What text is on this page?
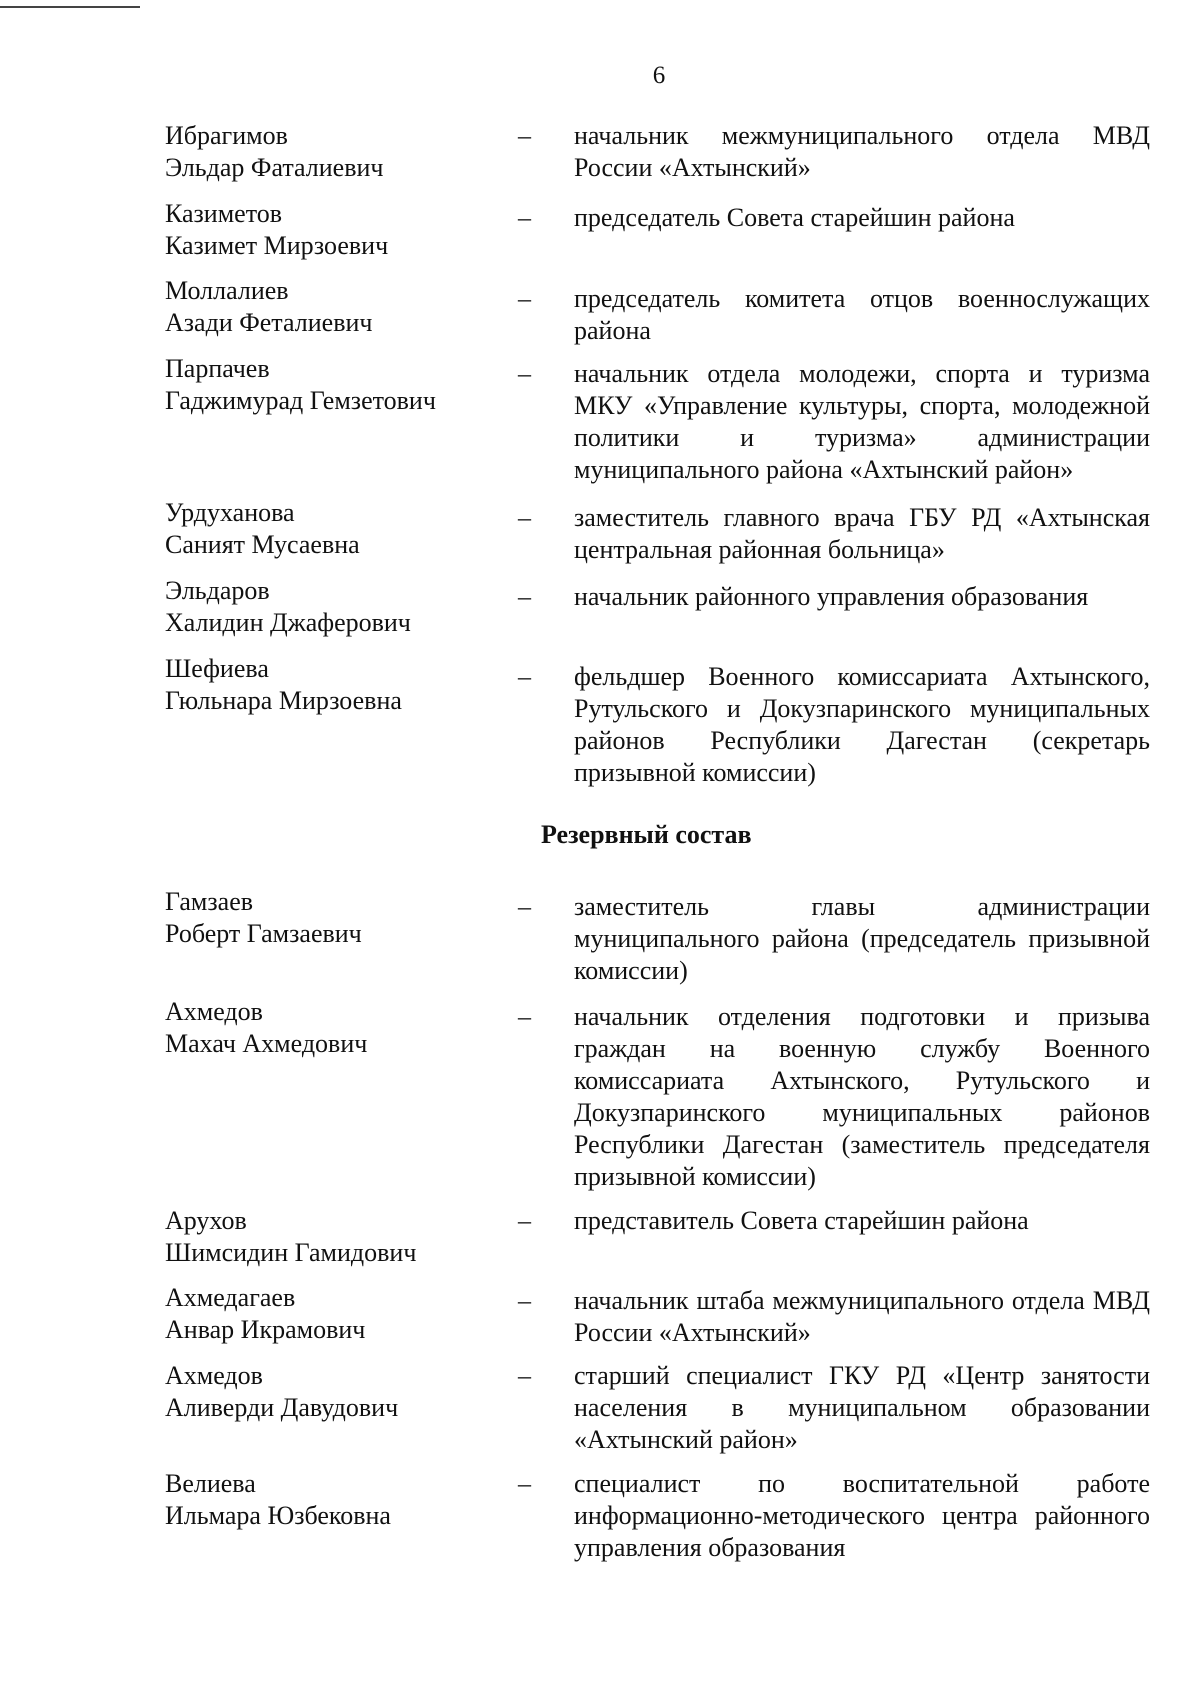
6
Ибрагимов
Эльдар Фаталиевич
– начальник межмуниципального отдела МВД России «Ахтынский»
Казиметов
Казимет Мирзоевич
– председатель Совета старейшин района
Моллалиев
Азади Феталиевич
– председатель комитета отцов военнослужащих района
Парпачев
Гаджимурад Гемзетович
– начальник отдела молодежи, спорта и туризма МКУ «Управление культуры, спорта, молодежной политики и туризма» администрации муниципального района «Ахтынский район»
Урдуханова
Саният Мусаевна
– заместитель главного врача ГБУ РД «Ахтынская центральная районная больница»
Эльдаров
Халидин Джаферович
– начальник районного управления образования
Шефиева
Гюльнара Мирзоевна
– фельдшер Военного комиссариата Ахтынского, Рутульского и Докузпаринского муниципальных районов Республики Дагестан (секретарь призывной комиссии)
Резервный состав
Гамзаев
Роберт Гамзаевич
– заместитель главы администрации муниципального района (председатель призывной комиссии)
Ахмедов
Махач Ахмедович
– начальник отделения подготовки и призыва граждан на военную службу Военного комиссариата Ахтынского, Рутульского и Докузпаринского муниципальных районов Республики Дагестан (заместитель председателя призывной комиссии)
Арухов
Шимсидин Гамидович
– представитель Совета старейшин района
Ахмедагаев
Анвар Икрамович
– начальник штаба межмуниципального отдела МВД России «Ахтынский»
Ахмедов
Аливерди Давудович
– старший специалист ГКУ РД «Центр занятости населения в муниципальном образовании «Ахтынский район»
Велиева
Ильмара Юзбековна
– специалист по воспитательной работе информационно-методического центра районного управления образования
